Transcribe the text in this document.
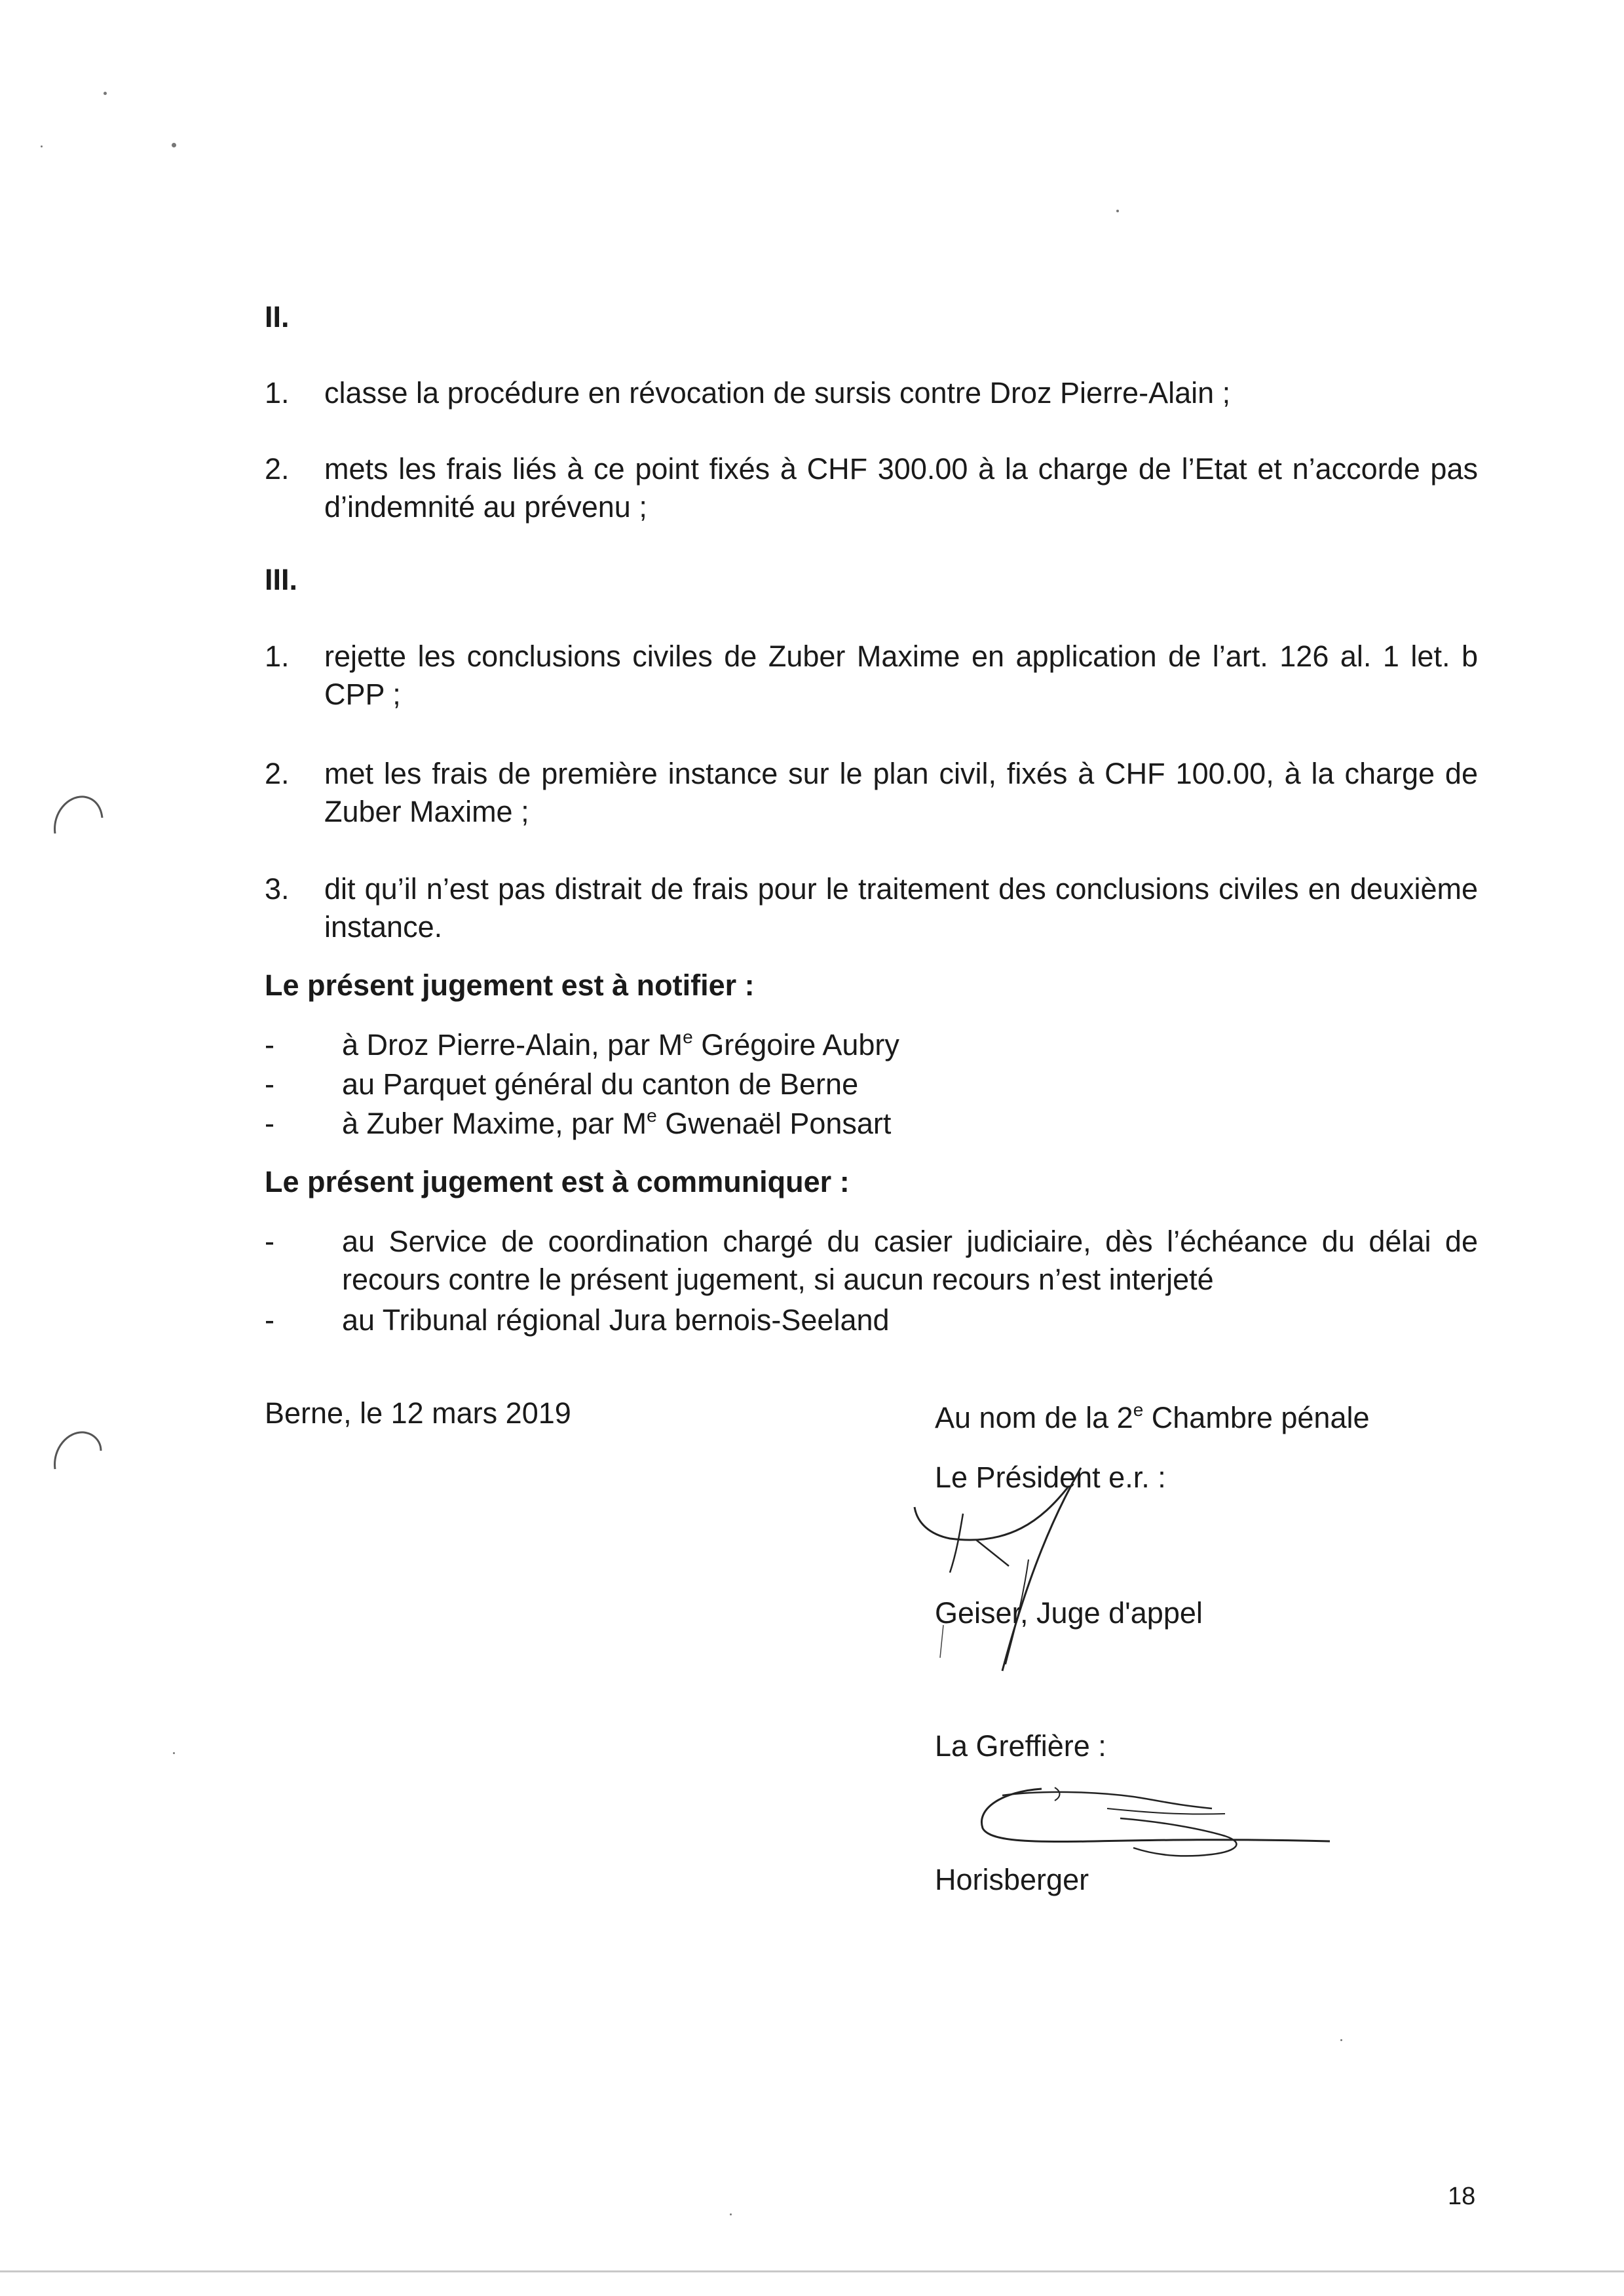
II.
1.	classe la procédure en révocation de sursis contre Droz Pierre-Alain ;
2.	mets les frais liés à ce point fixés à CHF 300.00 à la charge de l’Etat et n’accorde pas d’indemnité au prévenu ;
III.
1.	rejette les conclusions civiles de Zuber Maxime en application de l’art. 126 al. 1 let. b CPP ;
2.	met les frais de première instance sur le plan civil, fixés à CHF 100.00, à la charge de Zuber Maxime ;
3.	dit qu’il n’est pas distrait de frais pour le traitement des conclusions civiles en deuxième instance.
Le présent jugement est à notifier :
- à Droz Pierre-Alain, par Me Grégoire Aubry
- au Parquet général du canton de Berne
- à Zuber Maxime, par Me Gwenaël Ponsart
Le présent jugement est à communiquer :
- au Service de coordination chargé du casier judiciaire, dès l’échéance du délai de recours contre le présent jugement, si aucun recours n’est interjeté
- au Tribunal régional Jura bernois-Seeland
Berne, le 12 mars 2019	Au nom de la 2e Chambre pénale
Le Président e.r. :
Geiser, Juge d'appel
La Greffière :
Horisberger
18
